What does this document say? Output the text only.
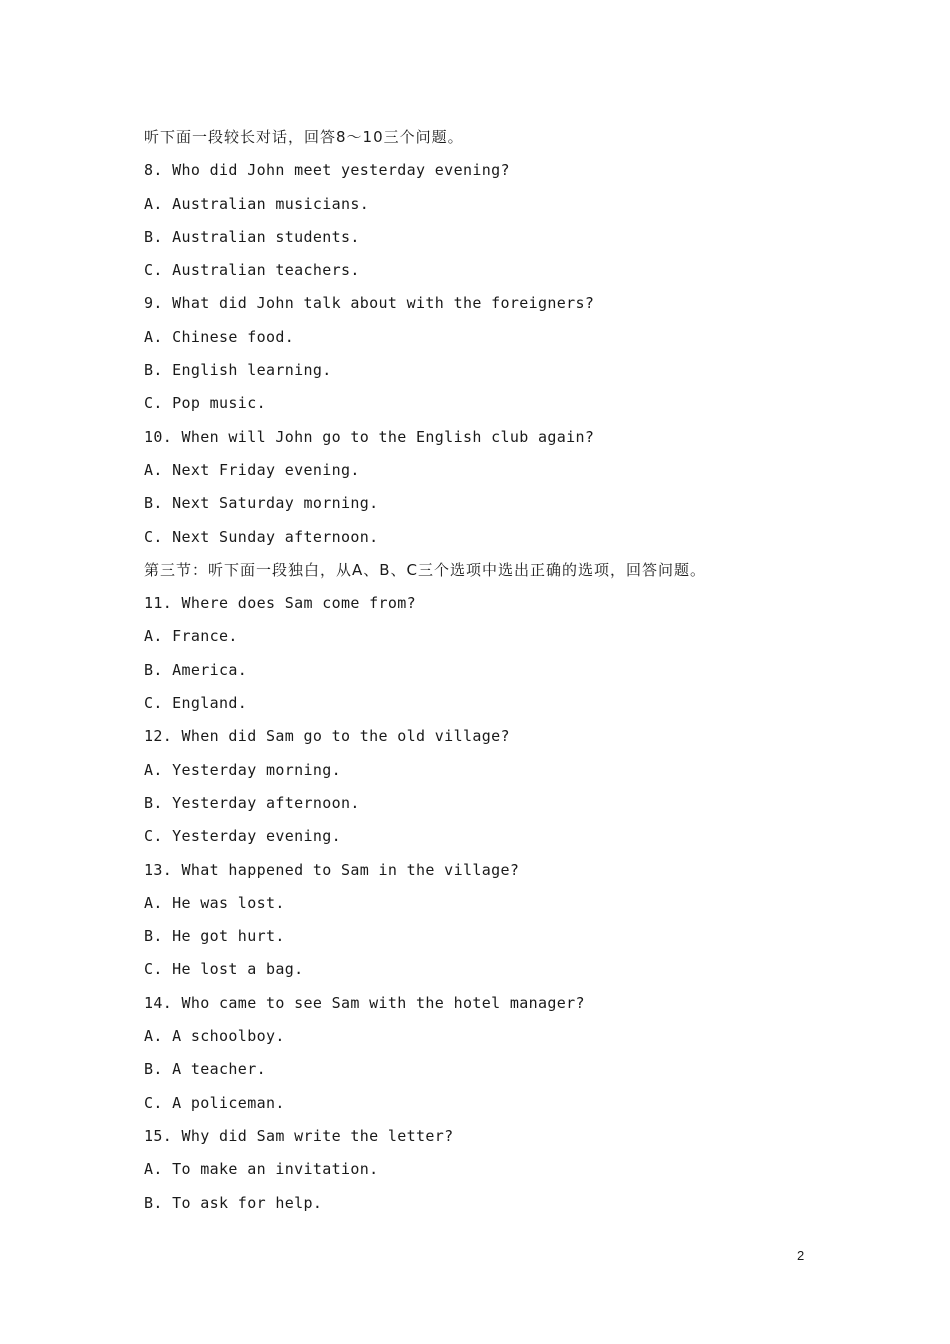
听下面一段较长对话，回答8～10三个问题。
8. Who did John meet yesterday evening?
A. Australian musicians.
B. Australian students.
C. Australian teachers.
9. What did John talk about with the foreigners?
A. Chinese food.
B. English learning.
C. Pop music.
10. When will John go to the English club again?
A. Next Friday evening.
B. Next Saturday morning.
C. Next Sunday afternoon.
第三节：听下面一段独白，从A、B、C三个选项中选出正确的选项，回答问题。
11. Where does Sam come from?
A. France.
B. America.
C. England.
12. When did Sam go to the old village?
A. Yesterday morning.
B. Yesterday afternoon.
C. Yesterday evening.
13. What happened to Sam in the village?
A. He was lost.
B. He got hurt.
C. He lost a bag.
14. Who came to see Sam with the hotel manager?
A. A schoolboy.
B. A teacher.
C. A policeman.
15. Why did Sam write the letter?
A. To make an invitation.
B. To ask for help.
2
